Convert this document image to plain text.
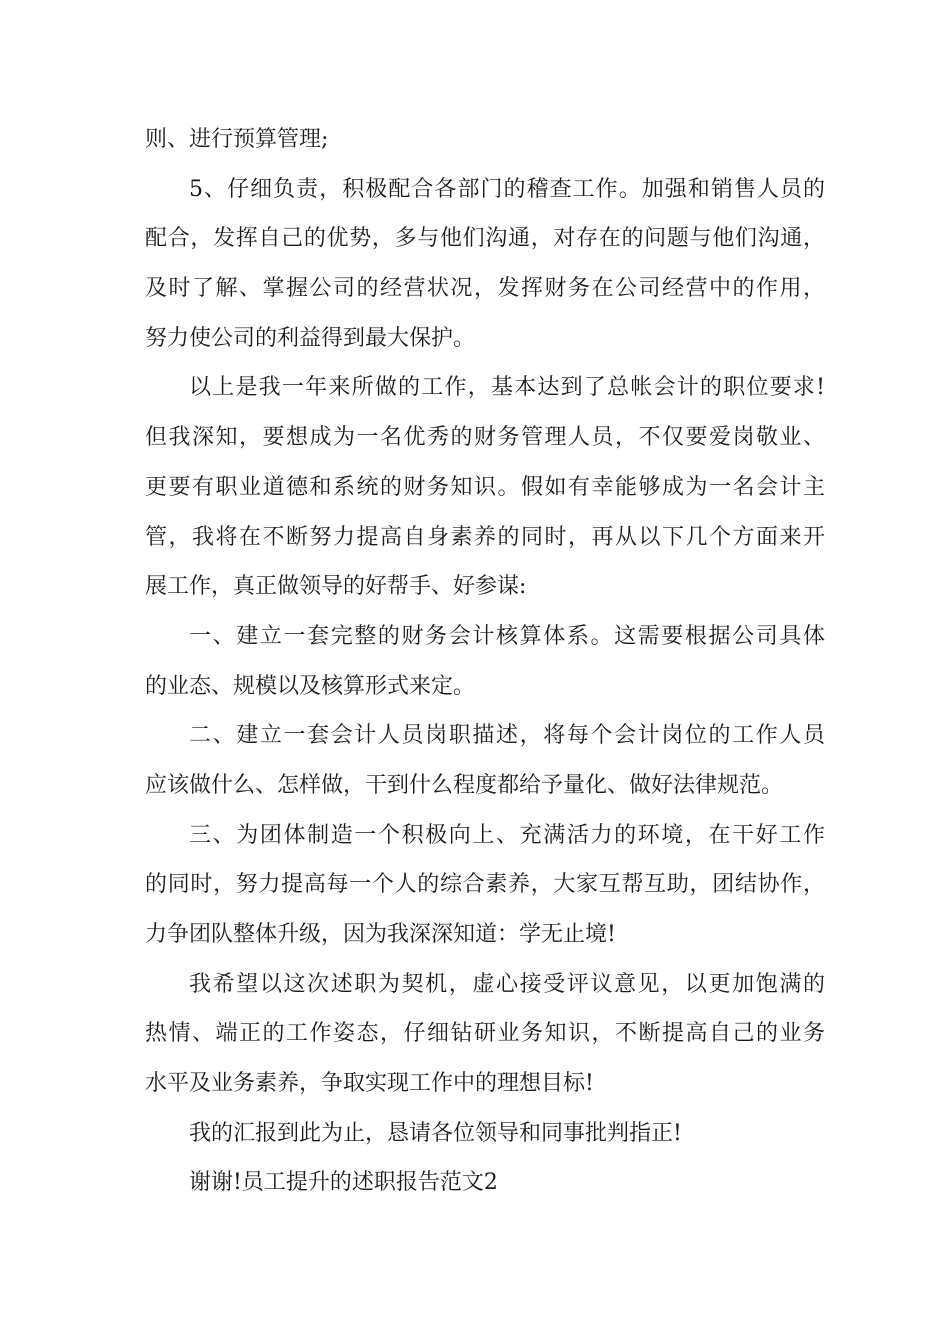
则、进行预算管理;
5、仔细负责，积极配合各部门的稽查工作。加强和销售人员的
配合，发挥自己的优势，多与他们沟通，对存在的问题与他们沟通，
及时了解、掌握公司的经营状况，发挥财务在公司经营中的作用，
努力使公司的利益得到最大保护。
以上是我一年来所做的工作，基本达到了总帐会计的职位要求!
但我深知，要想成为一名优秀的财务管理人员，不仅要爱岗敬业、
更要有职业道德和系统的财务知识。假如有幸能够成为一名会计主
管，我将在不断努力提高自身素养的同时，再从以下几个方面来开
展工作，真正做领导的好帮手、好参谋:
一、建立一套完整的财务会计核算体系。这需要根据公司具体
的业态、规模以及核算形式来定。
二、建立一套会计人员岗职描述，将每个会计岗位的工作人员
应该做什么、怎样做，干到什么程度都给予量化、做好法律规范。
三、为团体制造一个积极向上、充满活力的环境，在干好工作
的同时，努力提高每一个人的综合素养，大家互帮互助，团结协作，
力争团队整体升级，因为我深深知道：学无止境!
我希望以这次述职为契机，虚心接受评议意见，以更加饱满的
热情、端正的工作姿态，仔细钻研业务知识，不断提高自己的业务
水平及业务素养，争取实现工作中的理想目标!
我的汇报到此为止，恳请各位领导和同事批判指正!
谢谢!员工提升的述职报告范文2
